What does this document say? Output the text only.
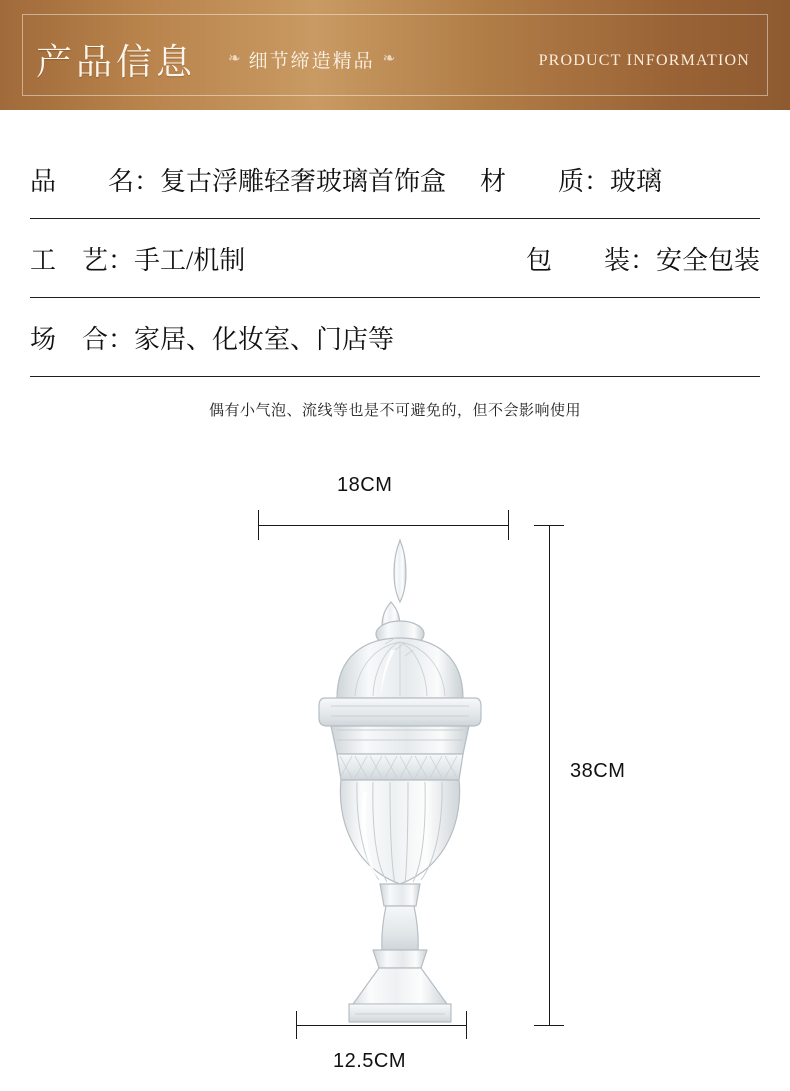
产品信息 ❧ 细节缔造精品 ❧	PRODUCT INFORMATION
品　　名： 复古浮雕轻奢玻璃首饰盒 材　　质： 玻璃
工　艺： 手工/机制	包　　装： 安全包装
场　合： 家居、化妆室、门店等
偶有小气泡、流线等也是不可避免的，但不会影响使用
18CM
38CM
12.5CM
